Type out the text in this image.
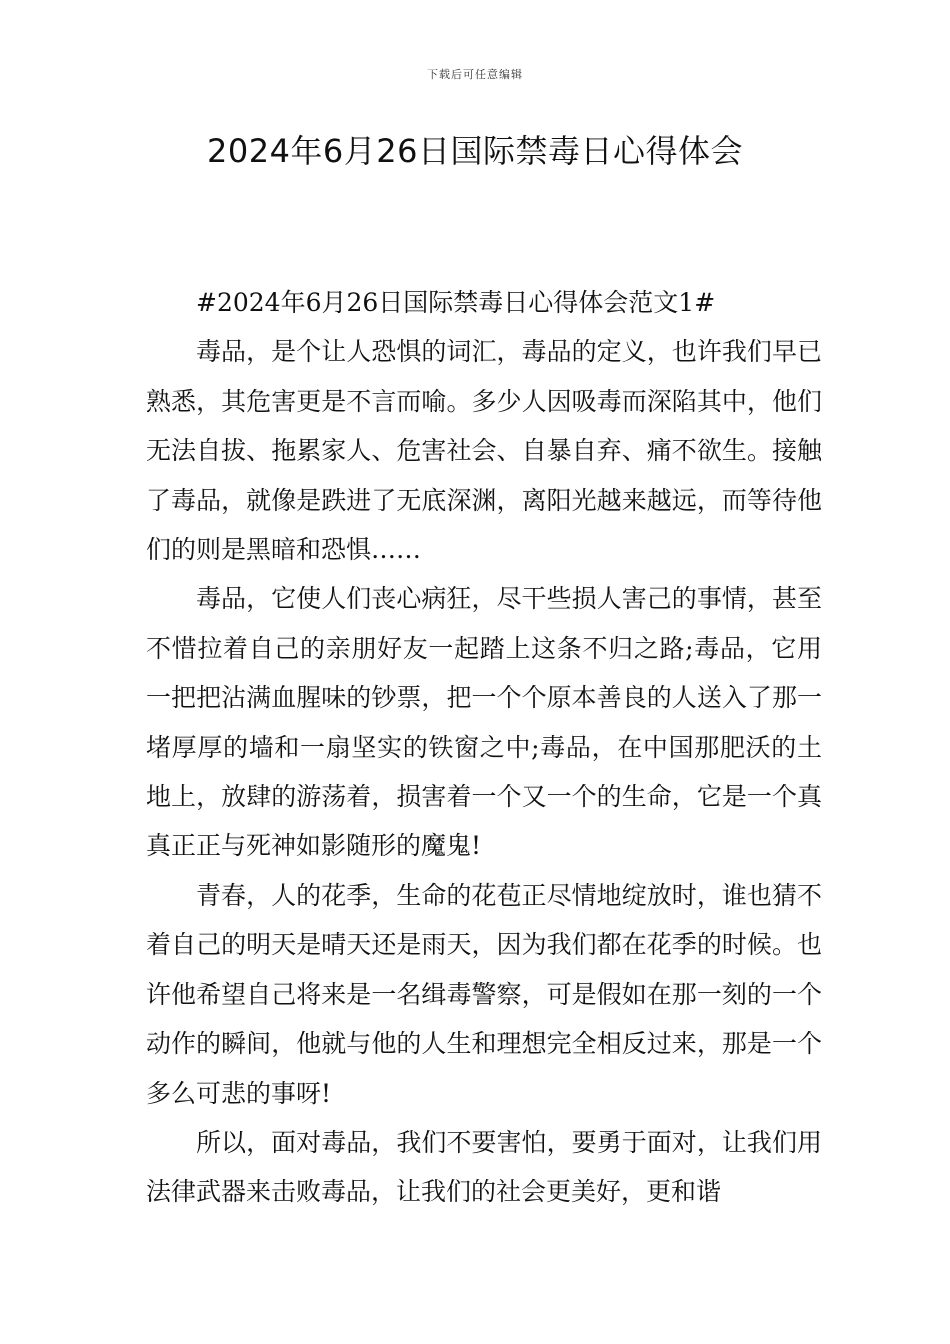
下载后可任意编辑
2024年6月26日国际禁毒日心得体会

#2024年6月26日国际禁毒日心得体会范文1#

毒品，是个让人恐惧的词汇，毒品的定义，也许我们早已熟悉，其危害更是不言而喻。多少人因吸毒而深陷其中，他们无法自拔、拖累家人、危害社会、自暴自弃、痛不欲生。接触了毒品，就像是跌进了无底深渊，离阳光越来越远，而等待他们的则是黑暗和恐惧……

毒品，它使人们丧心病狂，尽干些损人害己的事情，甚至不惜拉着自己的亲朋好友一起踏上这条不归之路;毒品，它用一把把沾满血腥味的钞票，把一个个原本善良的人送入了那一堵厚厚的墙和一扇坚实的铁窗之中;毒品，在中国那肥沃的土地上，放肆的游荡着，损害着一个又一个的生命，它是一个真真正正与死神如影随形的魔鬼!

青春，人的花季，生命的花苞正尽情地绽放时，谁也猜不着自己的明天是晴天还是雨天，因为我们都在花季的时候。也许他希望自己将来是一名缉毒警察，可是假如在那一刻的一个动作的瞬间，他就与他的人生和理想完全相反过来，那是一个多么可悲的事呀!

所以，面对毒品，我们不要害怕，要勇于面对，让我们用法律武器来击败毒品，让我们的社会更美好，更和谐
